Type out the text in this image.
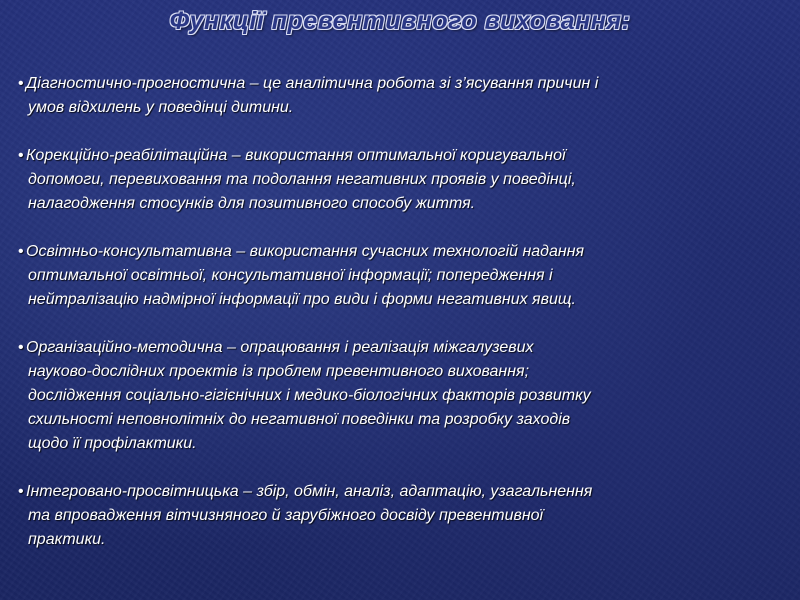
Функції превентивного виховання:
• Діагностично-прогностична – це аналітична робота зі з’ясування причин і
умов відхилень у поведінці дитини.
• Корекційно-реабілітаційна – використання оптимальної коригувальної
допомоги, перевиховання та подолання негативних проявів у поведінці,
налагодження стосунків для позитивного способу життя.
• Освітньо-консультативна – використання сучасних технологій надання
оптимальної освітньої, консультативної інформації; попередження і
нейтралізацію надмірної інформації про види і форми негативних явищ.
• Організаційно-методична – опрацювання і реалізація міжгалузевих
науково-дослідних проектів із проблем превентивного виховання;
дослідження соціально-гігієнічних і медико-біологічних факторів розвитку
схильності неповнолітніх до негативної поведінки та розробку заходів
щодо її профілактики.
• Інтегровано-просвітницька – збір, обмін, аналіз, адаптацію, узагальнення
та впровадження вітчизняного й зарубіжного досвіду превентивної
практики.
